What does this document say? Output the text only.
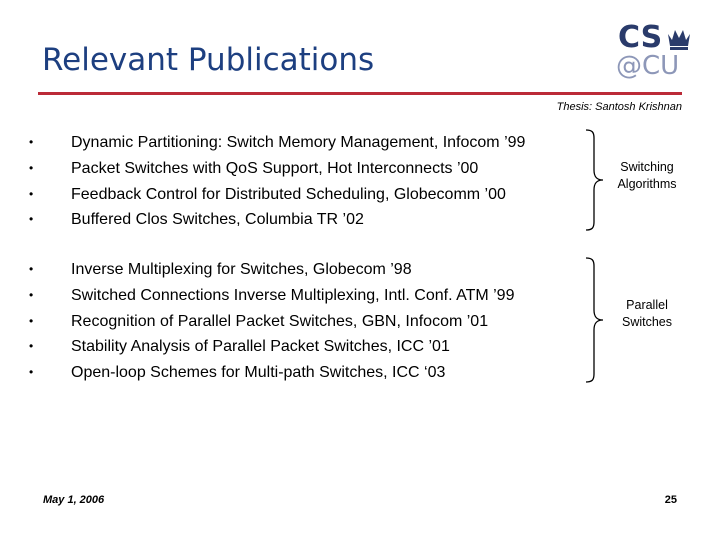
Relevant Publications
CS
@CU
Thesis: Santosh Krishnan
• Dynamic Partitioning: Switch Memory Management, Infocom ’99
• Packet Switches with QoS Support, Hot Interconnects ’00
• Feedback Control for Distributed Scheduling, Globecomm ’00
• Buffered Clos Switches, Columbia TR ’02
• Inverse Multiplexing for Switches, Globecom ’98
• Switched Connections Inverse Multiplexing, Intl. Conf. ATM ’99
• Recognition of Parallel Packet Switches, GBN, Infocom ’01
• Stability Analysis of Parallel Packet Switches, ICC ’01
• Open-loop Schemes for Multi-path Switches, ICC ‘03
Switching
Algorithms
Parallel
Switches
May 1, 2006	25
